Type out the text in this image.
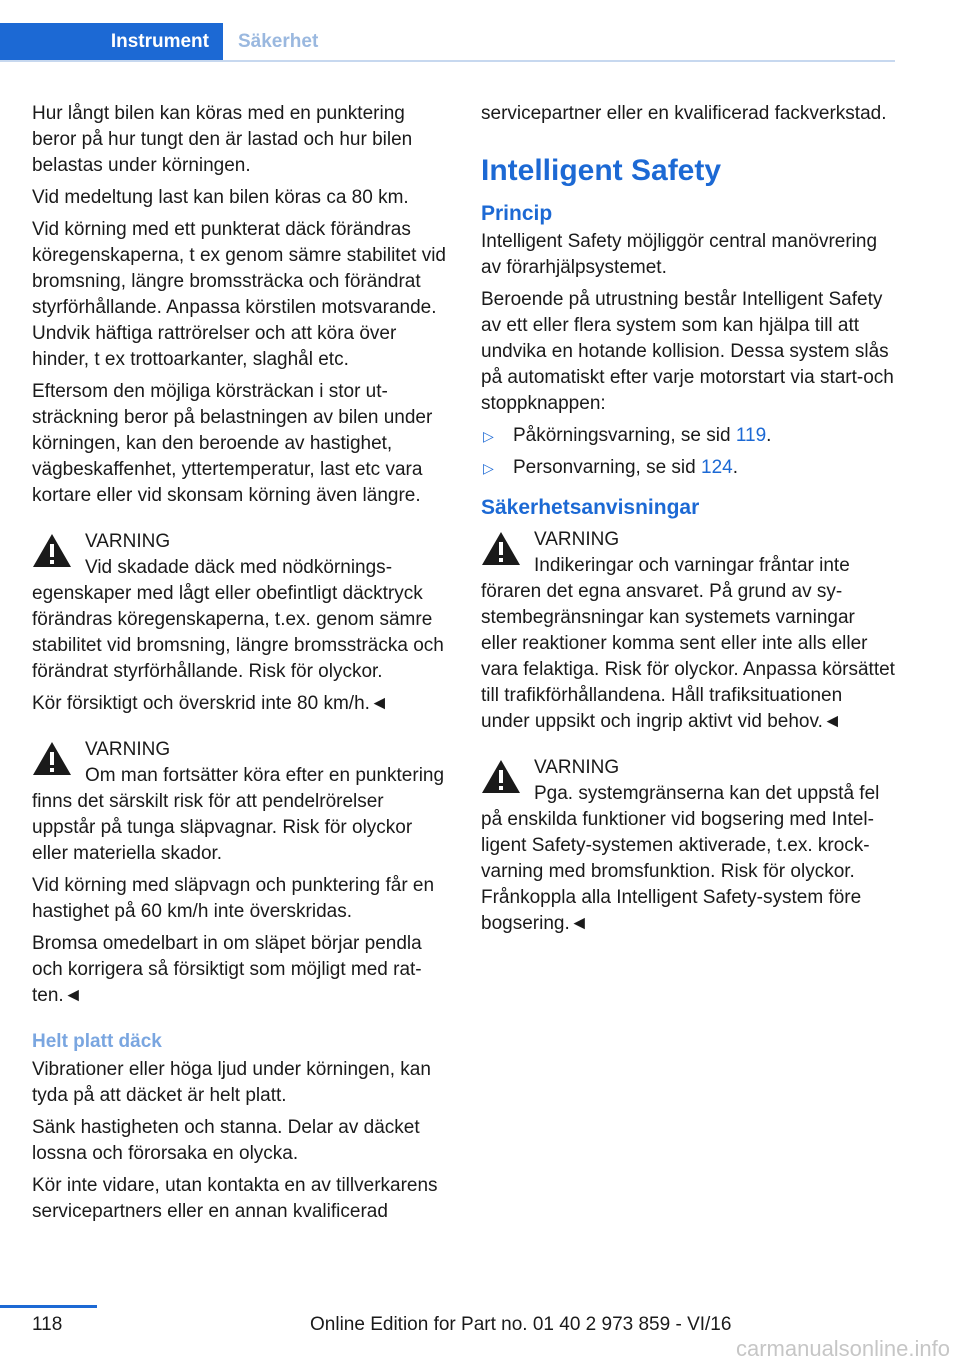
Instrument Säkerhet

Hur långt bilen kan köras med en punktering beror på hur tungt den är lastad och hur bilen belastas under körningen.

Vid medeltung last kan bilen köras ca 80 km.

Vid körning med ett punkterat däck förändras köregenskaperna, t ex genom sämre stabilitet vid bromsning, längre bromssträcka och förändrat styrförhållande. Anpassa körstilen motsvarande. Undvik häftiga rattrörelser och att köra över hinder, t ex trottoarkanter, slaghål etc.

Eftersom den möjliga körsträckan i stor utsträckning beror på belastningen av bilen under körningen, kan den beroende av hastighet, vägbeskaffenhet, yttertemperatur, last etc vara kortare eller vid skonsam körning även längre.

VARNING
Vid skadade däck med nödkörningsegenskaper med lågt eller obefintligt däcktryck förändras köregenskaperna, t.ex. genom sämre stabilitet vid bromsning, längre bromssträcka och förändrat styrförhållande. Risk för olyckor.

Kör försiktigt och överskrid inte 80 km/h.◄

VARNING
Om man fortsätter köra efter en punktering finns det särskilt risk för att pendelrörelser uppstår på tunga släpvagnar. Risk för olyckor eller materiella skador.

Vid körning med släpvagn och punktering får en hastighet på 60 km/h inte överskridas.

Bromsa omedelbart in om släpet börjar pendla och korrigera så försiktigt som möjligt med ratten.◄

Helt platt däck

Vibrationer eller höga ljud under körningen, kan tyda på att däcket är helt platt.

Sänk hastigheten och stanna. Delar av däcket lossna och förorsaka en olycka.

Kör inte vidare, utan kontakta en av tillverkarens servicepartners eller en annan kvalificerad

servicepartner eller en kvalificerad fackverkstad.

Intelligent Safety
Princip

Intelligent Safety möjliggör central manövrering av förarhjälpsystemet.

Beroende på utrustning består Intelligent Safety av ett eller flera system som kan hjälpa till att undvika en hotande kollision. Dessa system slås på automatiskt efter varje motorstart via start-och stoppknappen:

▷ Påkörningsvarning, se sid 119.
▷ Personvarning, se sid 124.
Säkerhetsanvisningar
VARNING
Indikeringar och varningar fråntar inte föraren det egna ansvaret. På grund av systembegränsningar kan systemets varningar eller reaktioner komma sent eller inte alls eller vara felaktiga. Risk för olyckor. Anpassa körsättet till trafikförhållandena. Håll trafiksituationen under uppsikt och ingrip aktivt vid behov.◄
VARNING
Pga. systemgränserna kan det uppstå fel på enskilda funktioner vid bogsering med Intelligent Safety-systemen aktiverade, t.ex. krockvarning med bromsfunktion. Risk för olyckor. Frånkoppla alla Intelligent Safety-system före bogsering.◄
118	Online Edition for Part no. 01 40 2 973 859 - VI/16
carmanualsonline.info
